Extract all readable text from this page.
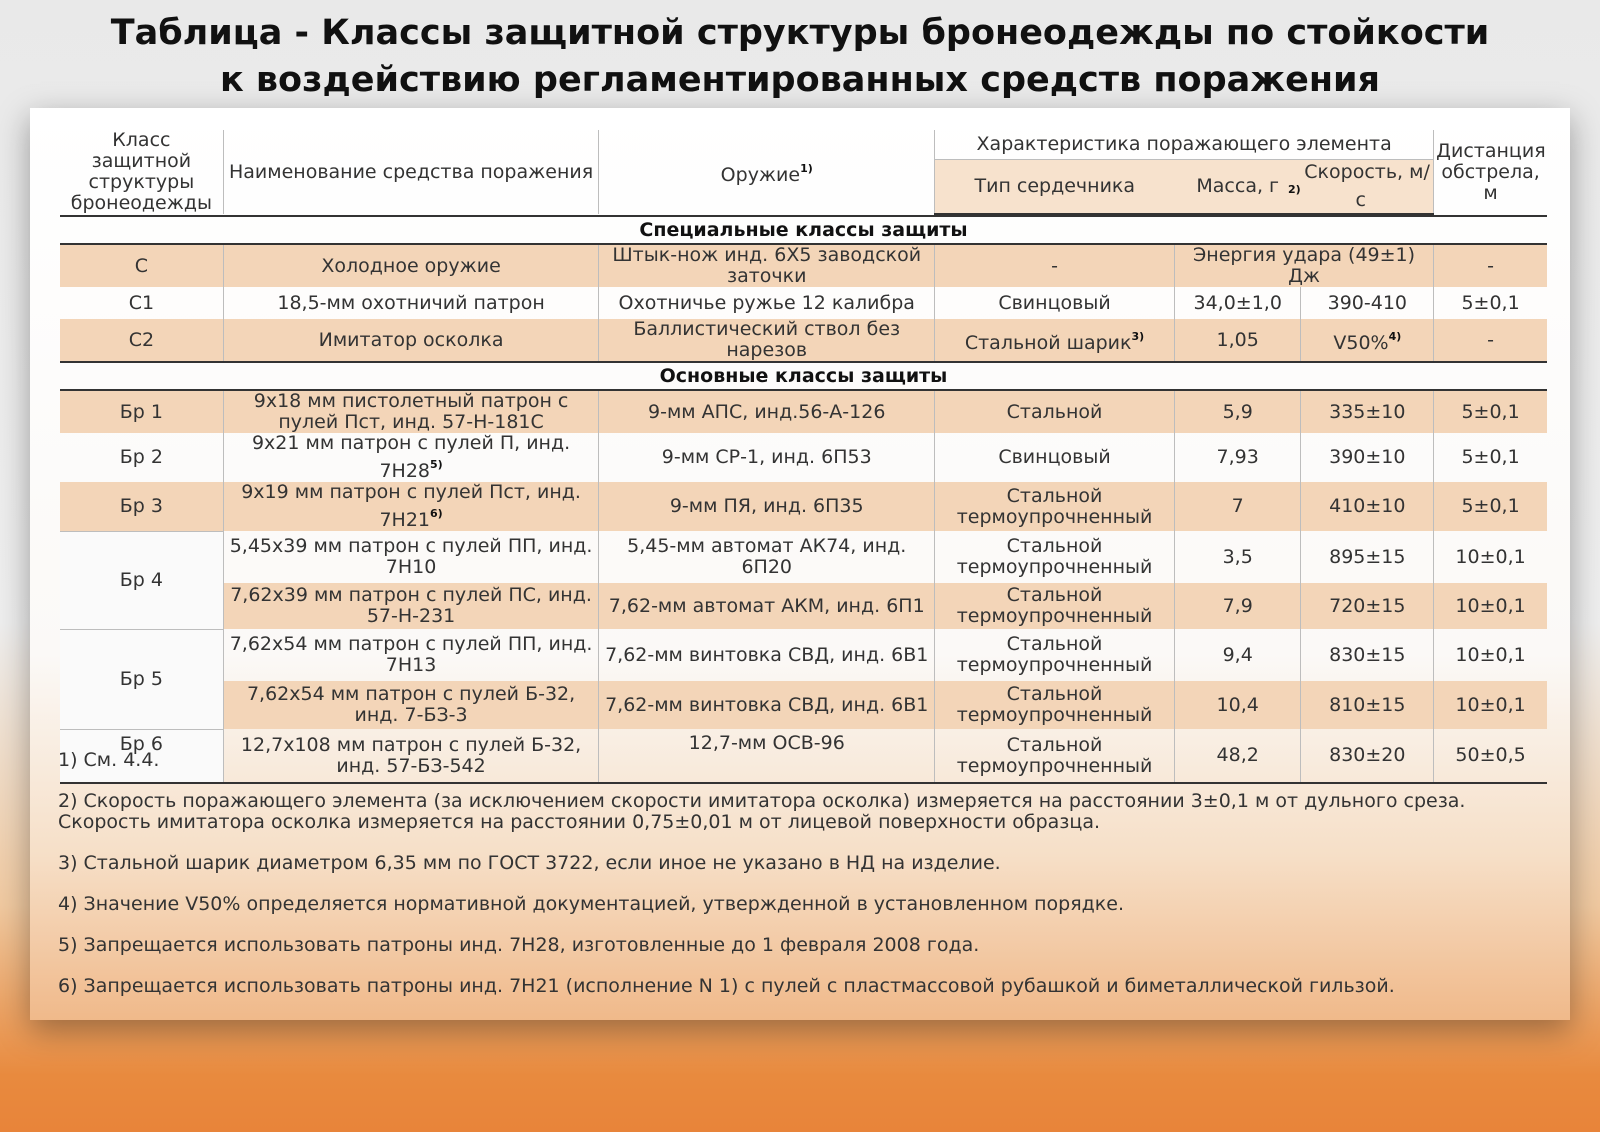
Таблица - Классы защитной структуры бронеодежды по стойкости
к воздействию регламентированных средств поражения
Класс защитной структуры бронеодежды	Наименование средства поражения	Оружие$^{1)}$	Характеристика поражающего элемента			Дистанция обстрела, м
			Тип сердечника	Масса, г	Скорость, $м/с^{2)}$

Специальные классы защиты						
С	Холодное оружие	Штык-нож инд. 6Х5 заводской заточки	-	Энергия удара (49±1) Дж		-
С1	18,5-мм охотничий патрон	Охотничье ружье 12 калибра	Свинцовый	34,0±1,0	390-410	5±0,1
С2	Имитатор осколка	Баллистический ствол без нарезов	Стальной шарик$^{3)}$	1,05	V50%$^{4)}$	-
Основные классы защиты						
Бр 1	9х18 мм пистолетный патрон с пулей Пст, инд. 57-Н-181С	9-мм АПС, инд.56-А-126	Стальной	5,9	335±10	5±0,1
Бр 2	9х21 мм патрон с пулей П, инд. 7Н28$^{5)}$	9-мм СР-1, инд. 6П53	Свинцовый	7,93	390±10	5±0,1
Бр 3	9х19 мм патрон с пулей Пст, инд. 7Н21$^{6)}$	9-мм ПЯ, инд. 6П35	Стальной термоупрочненный	7	410±10	5±0,1
Бр 4	5,45х39 мм патрон с пулей ПП, инд. 7Н10	5,45-мм автомат АК74, инд. 6П20	Стальной термоупрочненный	3,5	895±15	10±0,1
	7,62х39 мм патрон с пулей ПС, инд. 57-Н-231	7,62-мм автомат АКМ, инд. 6П1	Стальной термоупрочненный	7,9	720±15	10±0,1
Бр 5	7,62х54 мм патрон с пулей ПП, инд. 7Н13	7,62-мм винтовка СВД, инд. 6В1	Стальной термоупрочненный	9,4	830±15	10±0,1
	7,62х54 мм патрон с пулей Б-32, инд. 7-БЗ-3	7,62-мм винтовка СВД, инд. 6В1	Стальной термоупрочненный	10,4	810±15	10±0,1
Бр 6	12,7х108 мм патрон с пулей Б-32, инд. 57-БЗ-542	12,7-мм ОСВ-96	Стальной термоупрочненный	48,2	830±20	50±0,5

1) См. 4.4.

2) Скорость поражающего элемента (за исключением скорости имитатора осколка) измеряется на расстоянии 3±0,1 м от дульного среза. Скорость имитатора осколка измеряется на расстоянии 0,75±0,01 м от лицевой поверхности образца.

3) Стальной шарик диаметром 6,35 мм по ГОСТ 3722, если иное не указано в НД на изделие.

4) Значение V50% определяется нормативной документацией, утвержденной в установленном порядке.

5) Запрещается использовать патроны инд. 7Н28, изготовленные до 1 февраля 2008 года.

6) Запрещается использовать патроны инд. 7Н21 (исполнение N 1) с пулей с пластмассовой рубашкой и биметаллической гильзой.
